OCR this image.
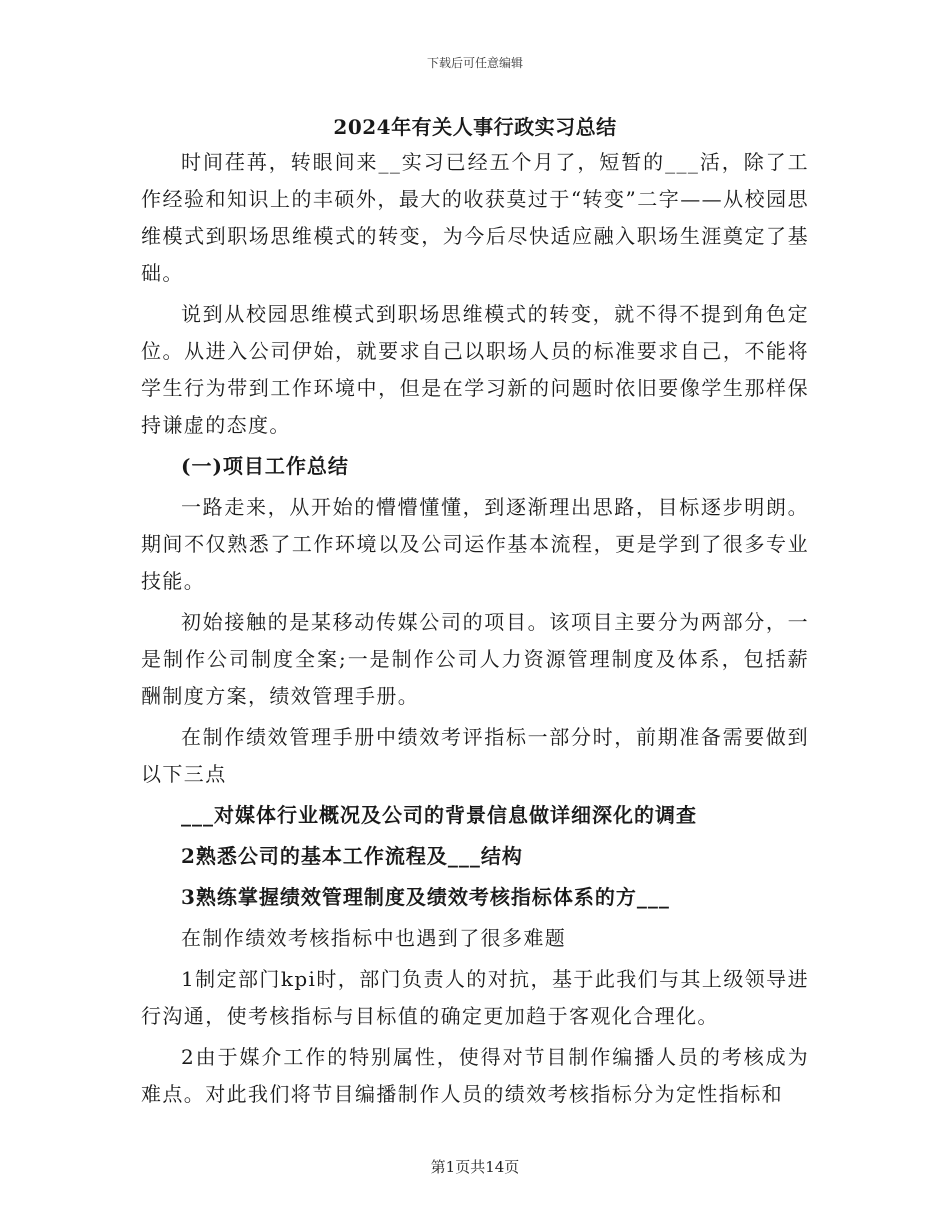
下载后可任意编辑
2024年有关人事行政实习总结

时间荏苒，转眼间来__实习已经五个月了，短暂的___活，除了工作经验和知识上的丰硕外，最大的收获莫过于“转变”二字——从校园思维模式到职场思维模式的转变，为今后尽快适应融入职场生涯奠定了基础。

说到从校园思维模式到职场思维模式的转变，就不得不提到角色定位。从进入公司伊始，就要求自己以职场人员的标准要求自己，不能将学生行为带到工作环境中，但是在学习新的问题时依旧要像学生那样保持谦虚的态度。

(一)项目工作总结

一路走来，从开始的懵懵懂懂，到逐渐理出思路，目标逐步明朗。期间不仅熟悉了工作环境以及公司运作基本流程，更是学到了很多专业技能。

初始接触的是某移动传媒公司的项目。该项目主要分为两部分，一是制作公司制度全案;一是制作公司人力资源管理制度及体系，包括薪酬制度方案，绩效管理手册。

在制作绩效管理手册中绩效考评指标一部分时，前期准备需要做到以下三点

___对媒体行业概况及公司的背景信息做详细深化的调查
2熟悉公司的基本工作流程及___结构
3熟练掌握绩效管理制度及绩效考核指标体系的方___

在制作绩效考核指标中也遇到了很多难题

1制定部门kpi时，部门负责人的对抗，基于此我们与其上级领导进行沟通，使考核指标与目标值的确定更加趋于客观化合理化。

2由于媒介工作的特别属性，使得对节目制作编播人员的考核成为难点。对此我们将节目编播制作人员的绩效考核指标分为定性指标和

第1页共14页
